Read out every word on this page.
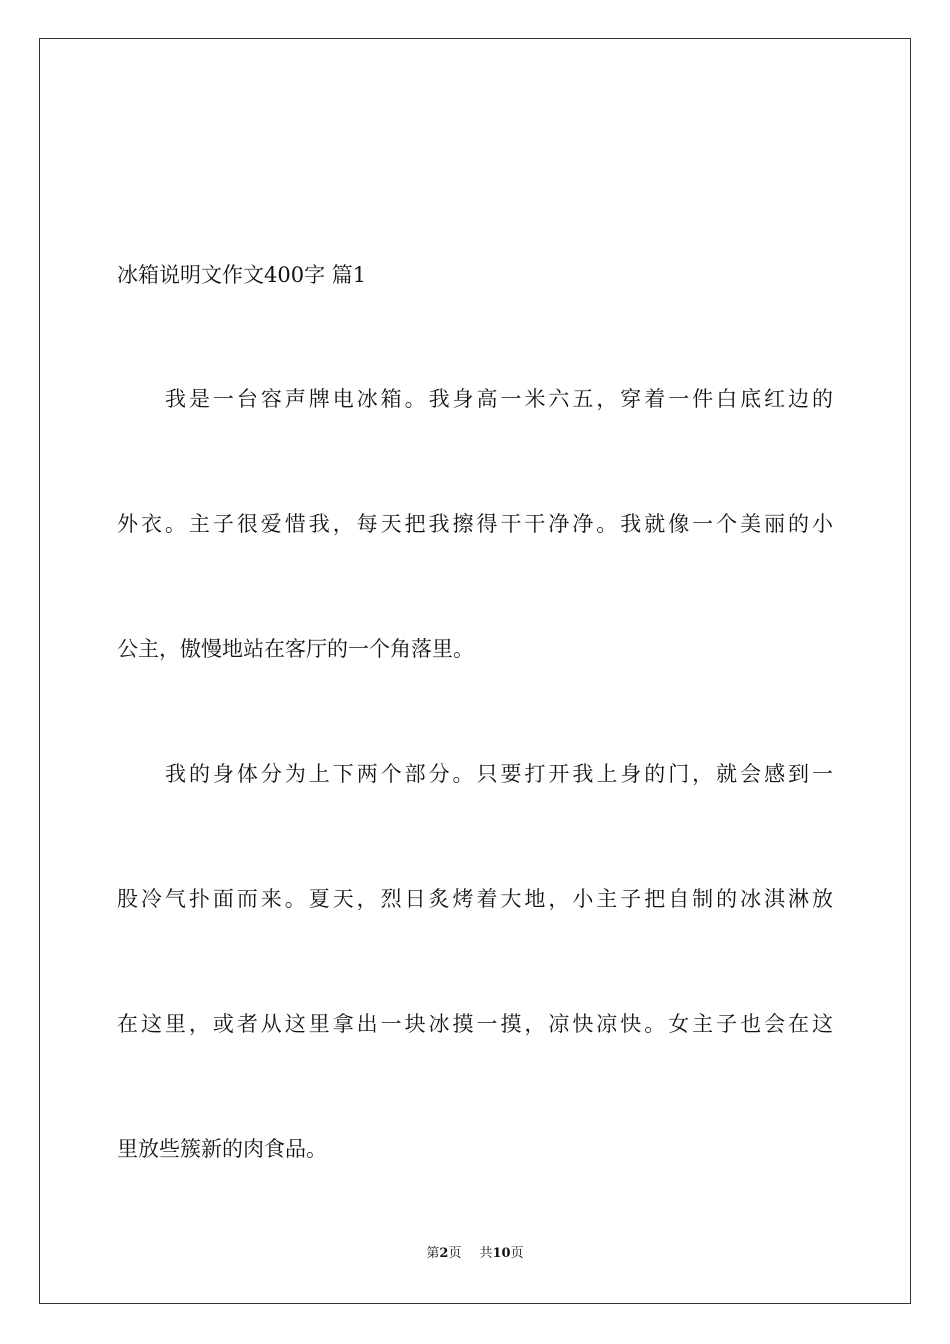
冰箱说明文作文400字 篇1
我是一台容声牌电冰箱。我身高一米六五，穿着一件白底红边的
外衣。主子很爱惜我，每天把我擦得干干净净。我就像一个美丽的小
公主，傲慢地站在客厅的一个角落里。
我的身体分为上下两个部分。只要打开我上身的门，就会感到一
股冷气扑面而来。夏天，烈日炙烤着大地，小主子把自制的冰淇淋放
在这里，或者从这里拿出一块冰摸一摸，凉快凉快。女主子也会在这
里放些簇新的肉食品。
第2页 共10页
